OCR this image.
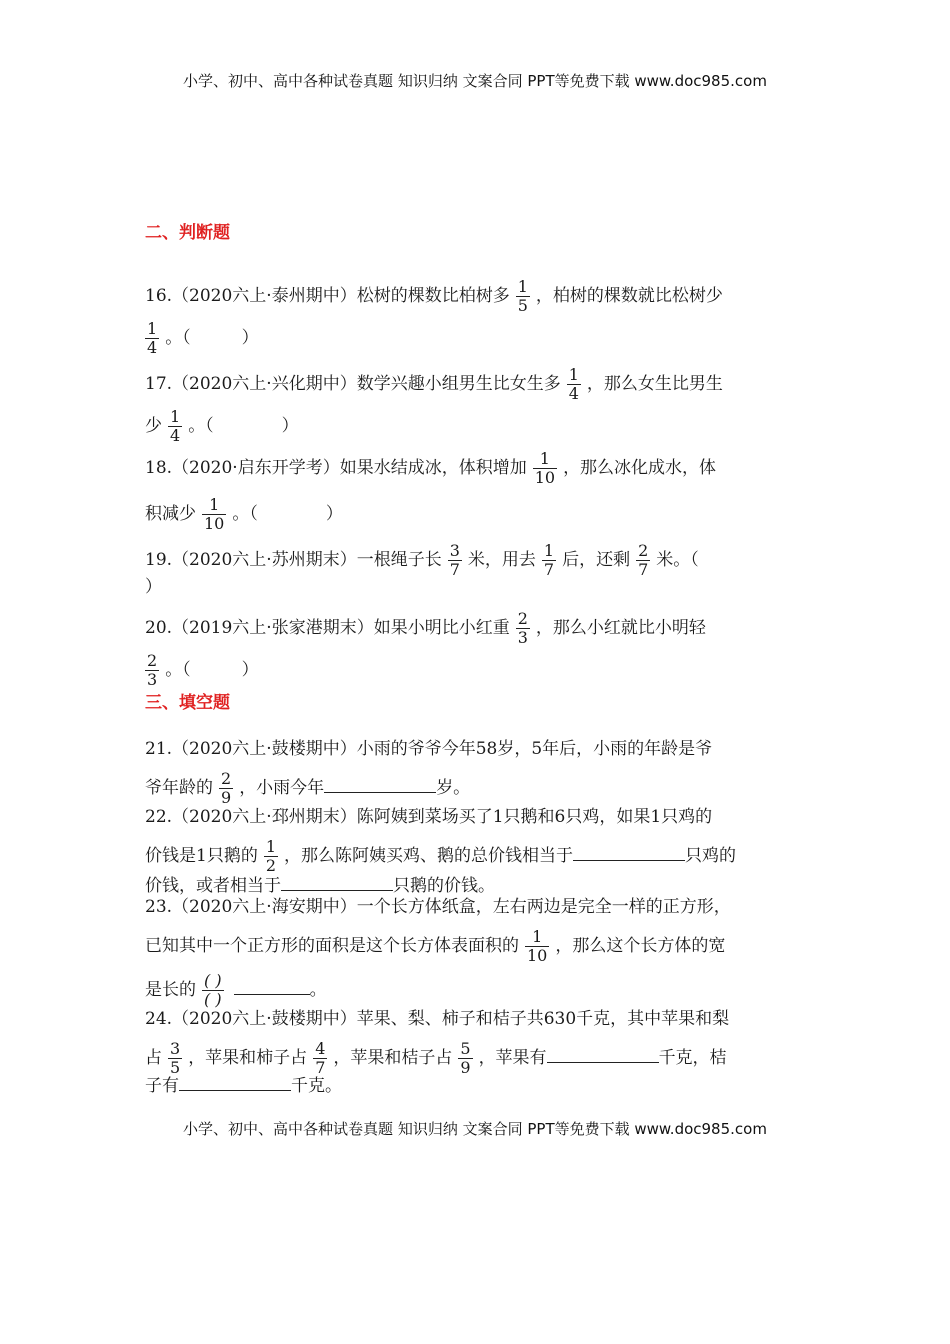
小学、初中、高中各种试卷真题 知识归纳 文案合同 PPT等免费下载 www.doc985.com
二、判断题
16.（2020六上·泰州期中）松树的棵数比柏树多 $\frac{1}{5}$ ，柏树的棵数就比松树少
$\frac{1}{4}$ 。（　　　）
17.（2020六上·兴化期中）数学兴趣小组男生比女生多 $\frac{1}{4}$ ，那么女生比男生
少 $\frac{1}{4}$ 。（　　　　）
18.（2020·启东开学考）如果水结成冰，体积增加 $\frac{1}{10}$ ，那么冰化成水，体
积减少 $\frac{1}{10}$ 。（　　　　）
19.（2020六上·苏州期末）一根绳子长 $\frac{3}{7}$ 米，用去 $\frac{1}{7}$ 后，还剩 $\frac{2}{7}$ 米。（
）
20.（2019六上·张家港期末）如果小明比小红重 $\frac{2}{3}$ ，那么小红就比小明轻
$\frac{2}{3}$ 。（　　　）
三、填空题
21.（2020六上·鼓楼期中）小雨的爷爷今年58岁，5年后，小雨的年龄是爷
爷年龄的 $\frac{2}{9}$ ，小雨今年	岁。
22.（2020六上·邳州期末）陈阿姨到菜场买了1只鹅和6只鸡，如果1只鸡的
价钱是1只鹅的 $\frac{1}{2}$ ，那么陈阿姨买鸡、鹅的总价钱相当于	只鸡的
价钱，或者相当于	只鹅的价钱。
23.（2020六上·海安期中）一个长方体纸盒，左右两边是完全一样的正方形，
已知其中一个正方形的面积是这个长方体表面积的 $\frac{1}{10}$ ，那么这个长方体的宽
是长的 $\frac{( )}{( )}$	。
24.（2020六上·鼓楼期中）苹果、梨、柿子和桔子共630千克，其中苹果和梨
占 $\frac{3}{5}$ ，苹果和柿子占 $\frac{4}{7}$ ，苹果和桔子占 $\frac{5}{9}$ ，苹果有	千克，桔
子有	千克。
小学、初中、高中各种试卷真题 知识归纳 文案合同 PPT等免费下载 www.doc985.com
